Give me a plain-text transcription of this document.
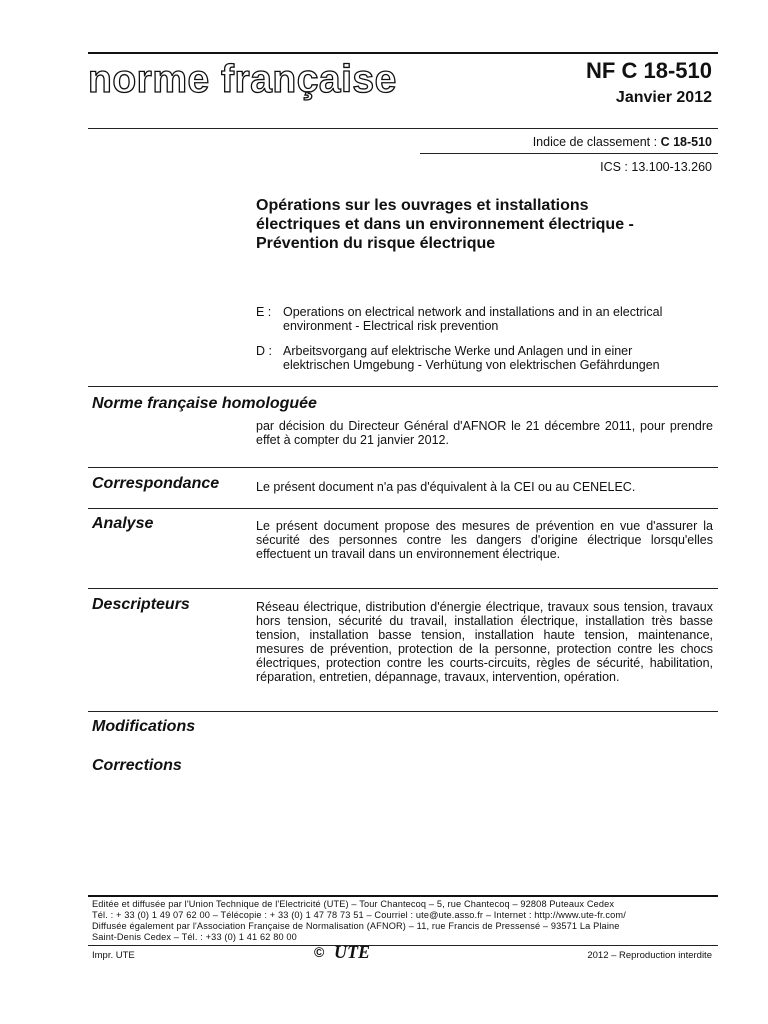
norme française	NF C 18-510
Janvier 2012
Indice de classement : C 18-510
ICS : 13.100-13.260
Opérations sur les ouvrages et installations
électriques et dans un environnement électrique -
Prévention du risque électrique
E : Operations on electrical network and installations and in an electrical
environment - Electrical risk prevention
D : Arbeitsvorgang auf elektrische Werke und Anlagen und in einer
elektrischen Umgebung - Verhütung von elektrischen Gefährdungen
Norme française homologuée
par décision du Directeur Général d'AFNOR le 21 décembre 2011, pour prendre effet à compter du 21 janvier 2012.
Correspondance	Le présent document n'a pas d'équivalent à la CEI ou au CENELEC.
Analyse	Le présent document propose des mesures de prévention en vue d'assurer la sécurité des personnes contre les dangers d'origine électrique lorsqu'elles effectuent un travail dans un environnement électrique.
Descripteurs	Réseau électrique, distribution d'énergie électrique, travaux sous tension, travaux hors tension, sécurité du travail, installation électrique, installation très basse tension, installation basse tension, installation haute tension, maintenance, mesures de prévention, protection de la personne, protection contre les chocs électriques, protection contre les courts-circuits, règles de sécurité, habilitation, réparation, entretien, dépannage, travaux, intervention, opération.
Modifications
Corrections
Editée et diffusée par l'Union Technique de l'Electricité (UTE) – Tour Chantecoq – 5, rue Chantecoq – 92808 Puteaux Cedex
Tél. : + 33 (0) 1 49 07 62 00 – Télécopie : + 33 (0) 1 47 78 73 51 – Courriel : ute@ute.asso.fr – Internet : http://www.ute-fr.com/
Diffusée également par l'Association Française de Normalisation (AFNOR) – 11, rue Francis de Pressensé – 93571 La Plaine
Saint-Denis Cedex – Tél. : +33 (0) 1 41 62 80 00
Impr. UTE	© UTE	2012 – Reproduction interdite
